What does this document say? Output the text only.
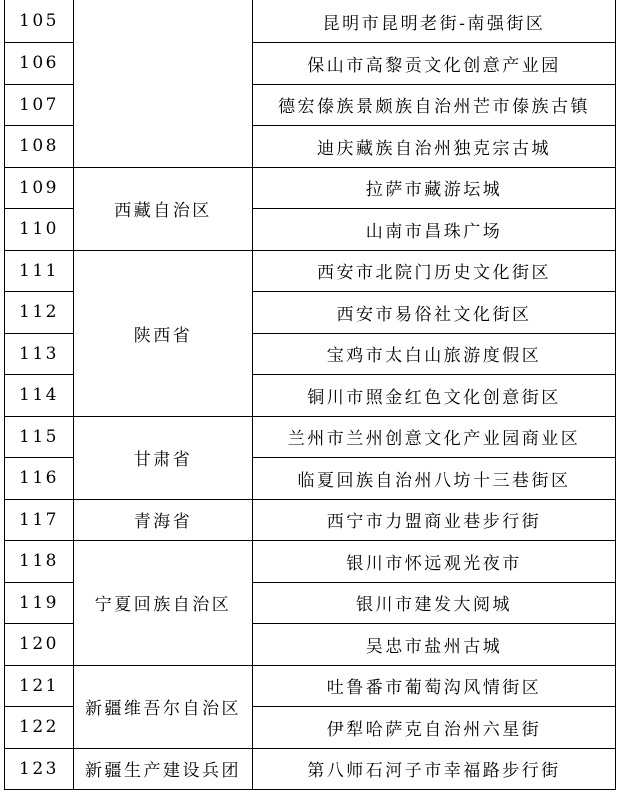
105		昆明市昆明老街-南强街区
106		保山市高黎贡文化创意产业园
107		德宏傣族景颇族自治州芒市傣族古镇
108		迪庆藏族自治州独克宗古城
109	西藏自治区	拉萨市藏游坛城
110		山南市昌珠广场
111	陕西省	西安市北院门历史文化街区
112		西安市易俗社文化街区
113		宝鸡市太白山旅游度假区
114		铜川市照金红色文化创意街区
115	甘肃省	兰州市兰州创意文化产业园商业区
116		临夏回族自治州八坊十三巷街区
117	青海省	西宁市力盟商业巷步行街
118	宁夏回族自治区	银川市怀远观光夜市
119		银川市建发大阅城
120		吴忠市盐州古城
121	新疆维吾尔自治区	吐鲁番市葡萄沟风情街区
122		伊犁哈萨克自治州六星街
123	新疆生产建设兵团	第八师石河子市幸福路步行街
